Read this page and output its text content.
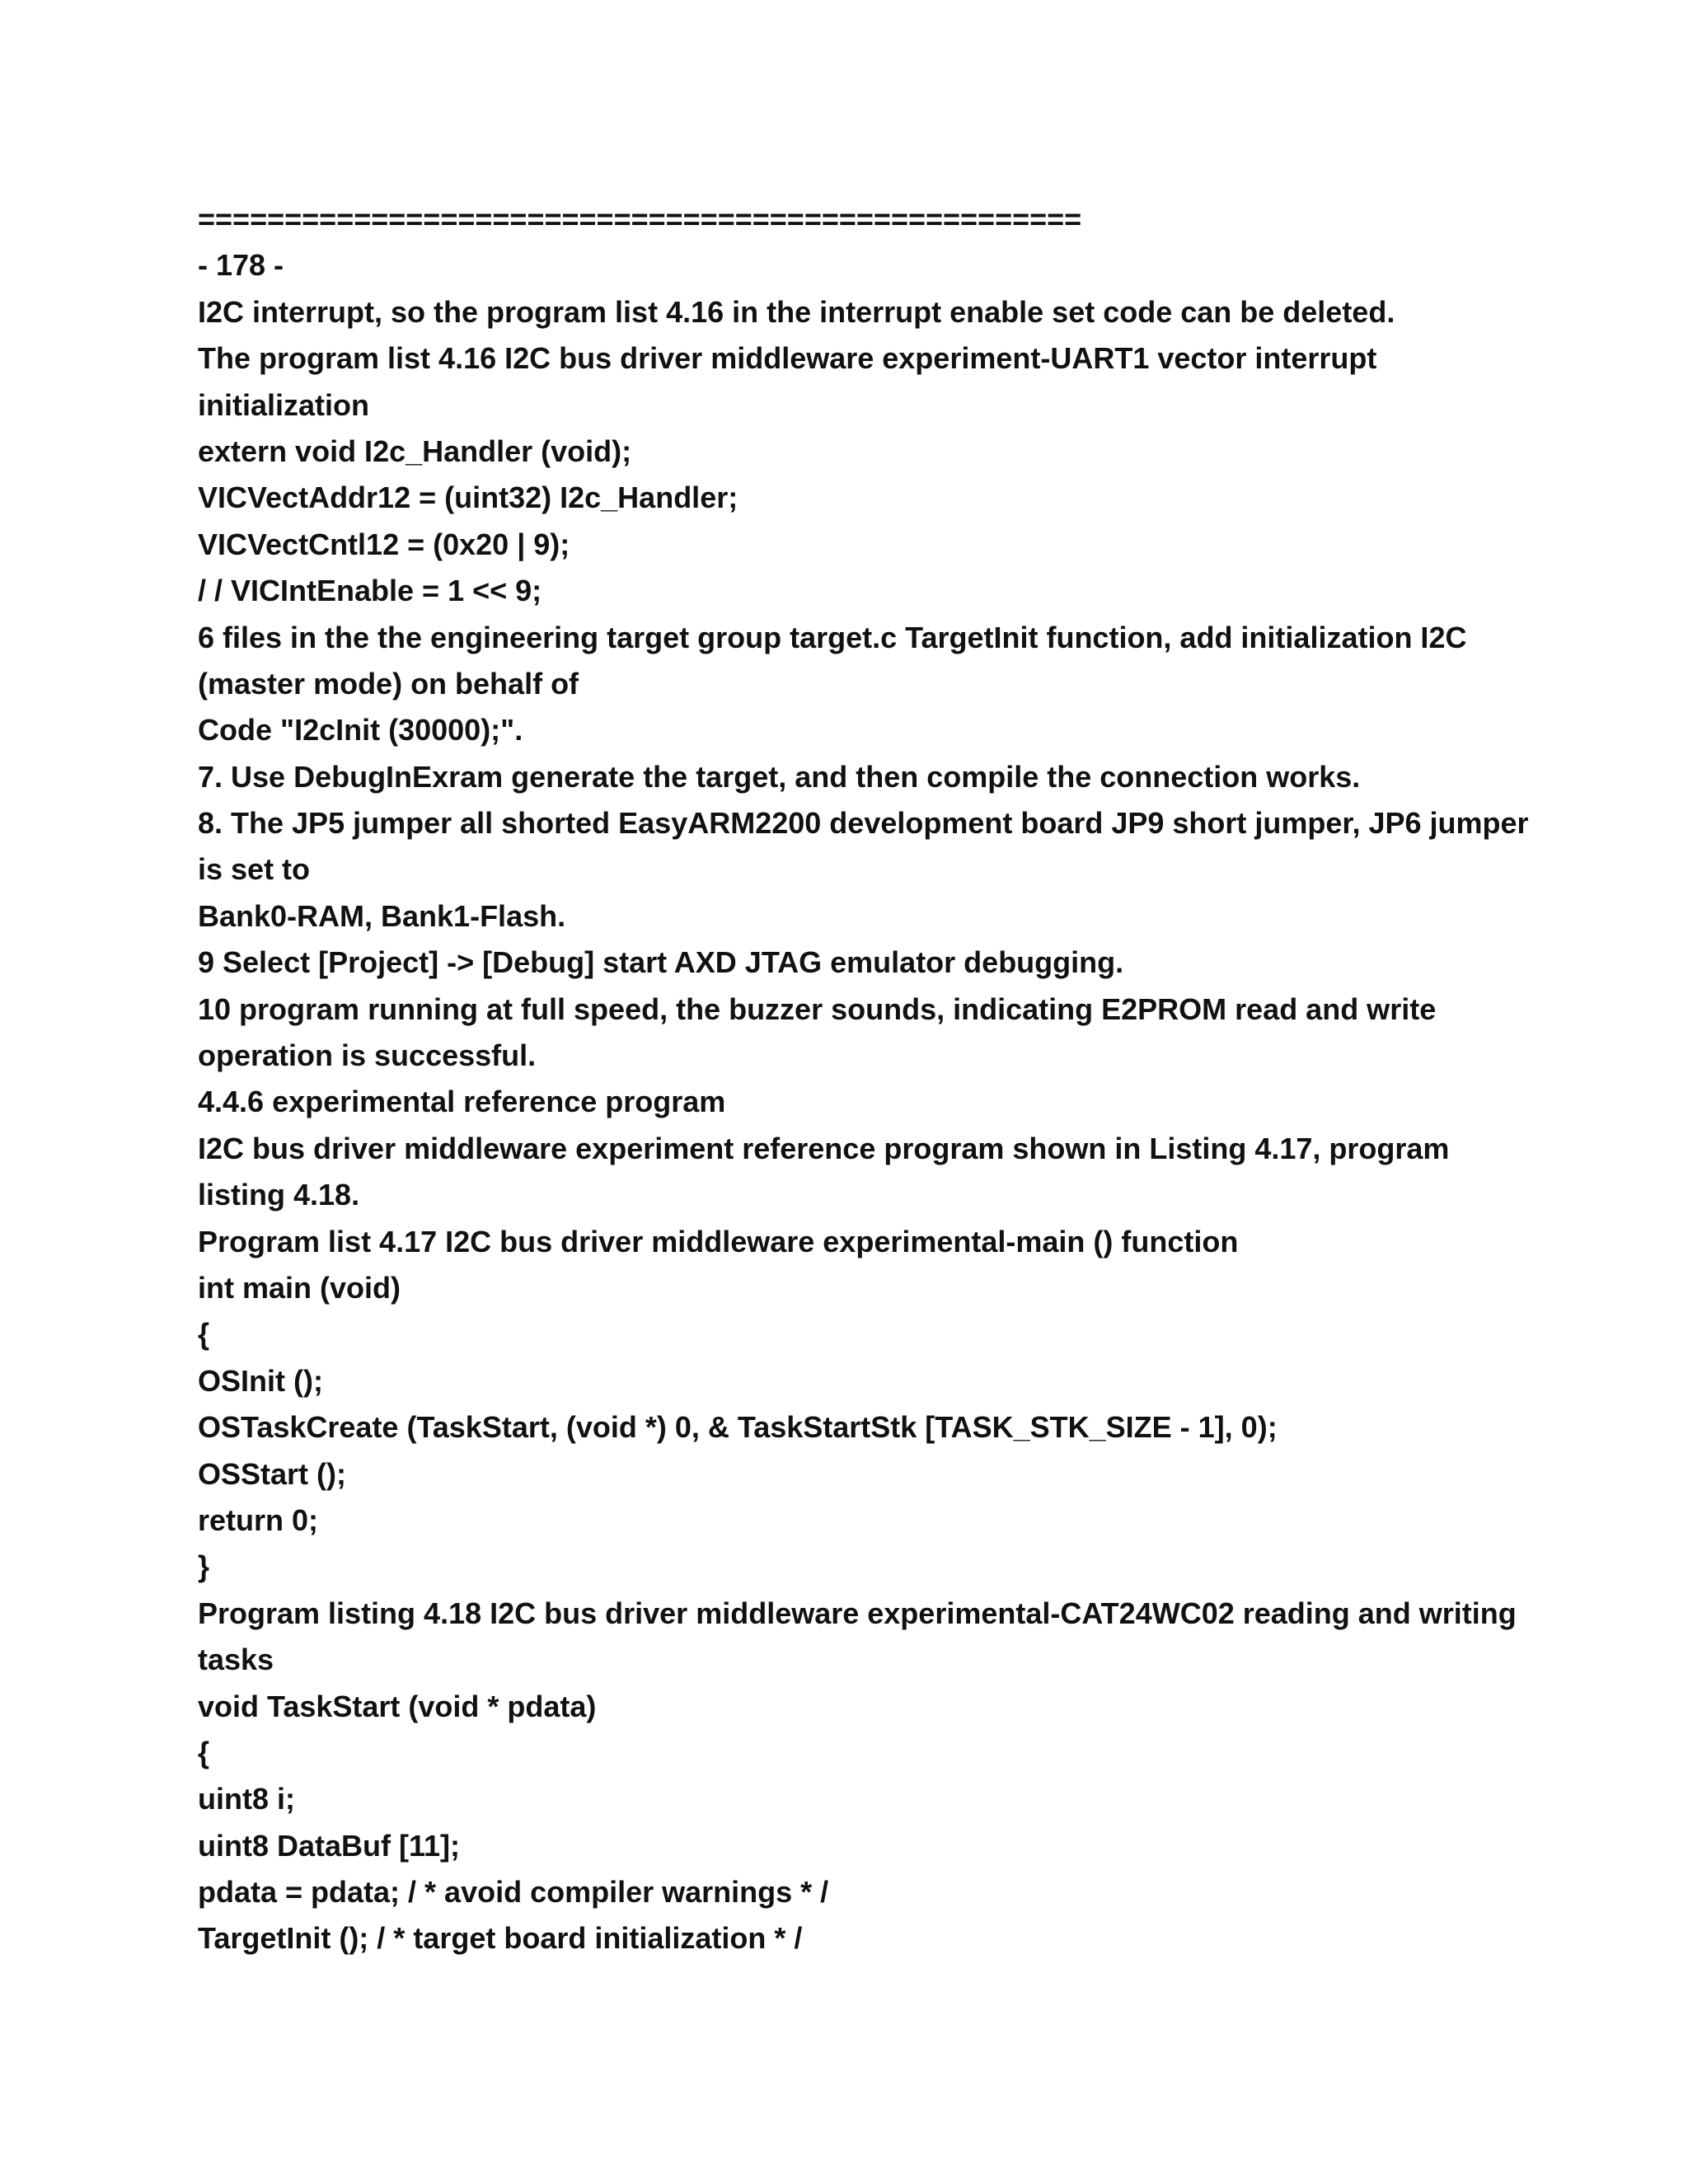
===================================================
- 178 -
I2C interrupt, so the program list 4.16 in the interrupt enable set code can be deleted.
The program list 4.16 I2C bus driver middleware experiment-UART1 vector interrupt
initialization
extern void I2c_Handler (void);
VICVectAddr12 = (uint32) I2c_Handler;
VICVectCntl12 = (0x20 | 9);
/ / VICIntEnable = 1 << 9;
6 files in the the engineering target group target.c TargetInit function, add initialization I2C
(master mode) on behalf of
Code "I2cInit (30000);".
7. Use DebugInExram generate the target, and then compile the connection works.
8. The JP5 jumper all shorted EasyARM2200 development board JP9 short jumper, JP6 jumper
is set to
Bank0-RAM, Bank1-Flash.
9 Select [Project] -> [Debug] start AXD JTAG emulator debugging.
10 program running at full speed, the buzzer sounds, indicating E2PROM read and write
operation is successful.
4.4.6 experimental reference program
I2C bus driver middleware experiment reference program shown in Listing 4.17, program
listing 4.18.
Program list 4.17 I2C bus driver middleware experimental-main () function
int main (void)
{
OSInit ();
OSTaskCreate (TaskStart, (void *) 0, & TaskStartStk [TASK_STK_SIZE - 1], 0);
OSStart ();
return 0;
}
Program listing 4.18 I2C bus driver middleware experimental-CAT24WC02 reading and writing
tasks
void TaskStart (void * pdata)
{
uint8 i;
uint8 DataBuf [11];
pdata = pdata; / * avoid compiler warnings * /
TargetInit (); / * target board initialization * /
